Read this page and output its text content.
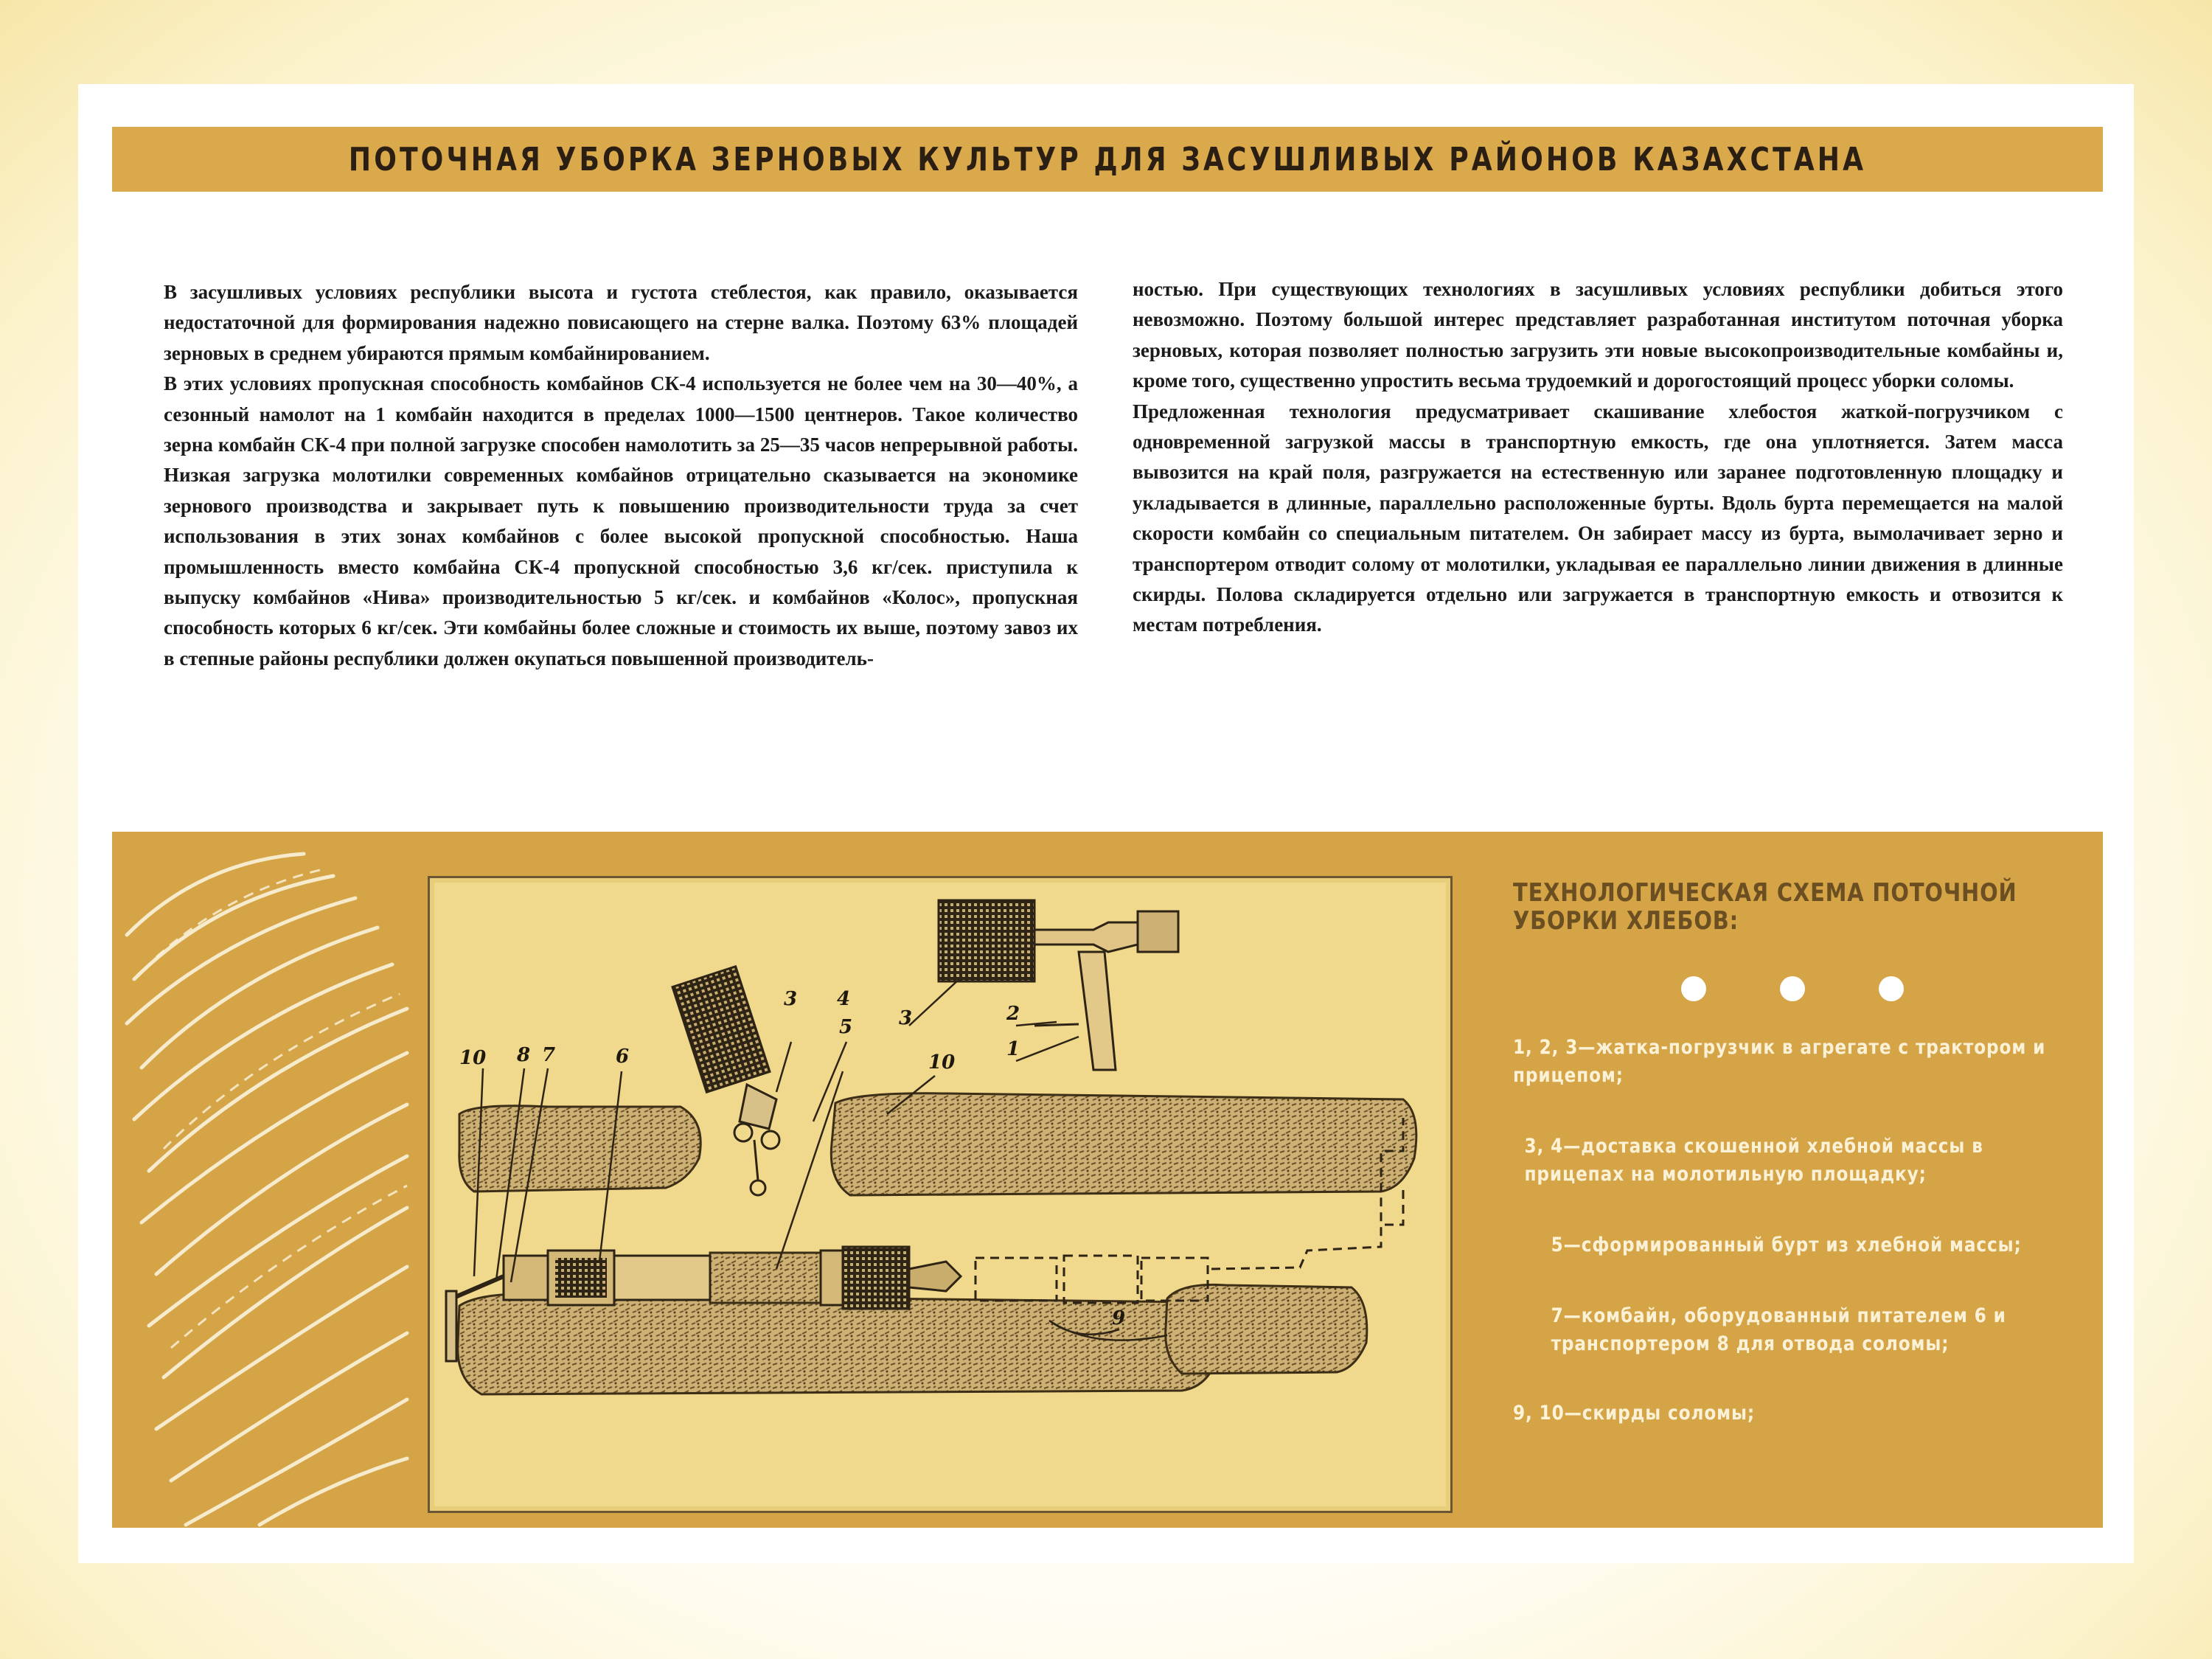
ПОТОЧНАЯ УБОРКА ЗЕРНОВЫХ КУЛЬТУР ДЛЯ ЗАСУШЛИВЫХ РАЙОНОВ КАЗАХСТАНА

В засушливых условиях республики высота и густота стеблестоя, как правило, оказывается недостаточной для формирования надежно повисающего на стерне валка. Поэтому 63% площадей зерновых в среднем убираются прямым комбайнированием.

В этих условиях пропускная способность комбайнов СК-4 используется не более чем на 30—40%, а сезонный намолот на 1 комбайн находится в пределах 1000—1500 центнеров. Такое количество зерна комбайн СК-4 при полной загрузке способен намолотить за 25—35 часов непрерывной работы. Низкая загрузка молотилки современных комбайнов отрицательно сказывается на экономике зернового производства и закрывает путь к повышению производительности труда за счет использования в этих зонах комбайнов с более высокой пропускной способностью. Наша промышленность вместо комбайна СК-4 пропускной способностью 3,6 кг/сек. приступила к выпуску комбайнов «Нива» производительностью 5 кг/сек. и комбайнов «Колос», пропускная способность которых 6 кг/сек. Эти комбайны более сложные и стоимость их выше, поэтому завоз их в степные районы республики должен окупаться повышенной производитель-

ностью. При существующих технологиях в засушливых условиях республики добиться этого невозможно. Поэтому большой интерес представляет разработанная институтом поточная уборка зерновых, которая позволяет полностью загрузить эти новые высокопроизводительные комбайны и, кроме того, существенно упростить весьма трудоемкий и дорогостоящий процесс уборки соломы.

Предложенная технология предусматривает скашивание хлебостоя жаткой-погрузчиком с одновременной загрузкой массы в транспортную емкость, где она уплотняется. Затем масса вывозится на край поля, разгружается на естественную или заранее подготовленную площадку и укладывается в длинные, параллельно расположенные бурты. Вдоль бурта перемещается на малой скорости комбайн со специальным питателем. Он забирает массу из бурта, вымолачивает зерно и транспортером отводит солому от молотилки, укладывая ее параллельно линии движения в длинные скирды. Полова складируется отдельно или загружается в транспортную емкость и отвозится к местам потребления.

10 8 7	6
3 4
5
10
3	2
1
9
ТЕХНОЛОГИЧЕСКАЯ СХЕМА ПОТОЧНОЙ УБОРКИ ХЛЕБОВ:
1, 2, 3—жатка-погрузчик в агрегате с трактором и прицепом;
3, 4—доставка скошенной хлебной массы в прицепах на молотильную площадку;
5—сформированный бурт из хлебной массы;
7—комбайн, оборудованный питателем 6 и транспортером 8 для отвода соломы;
9, 10—скирды соломы;
